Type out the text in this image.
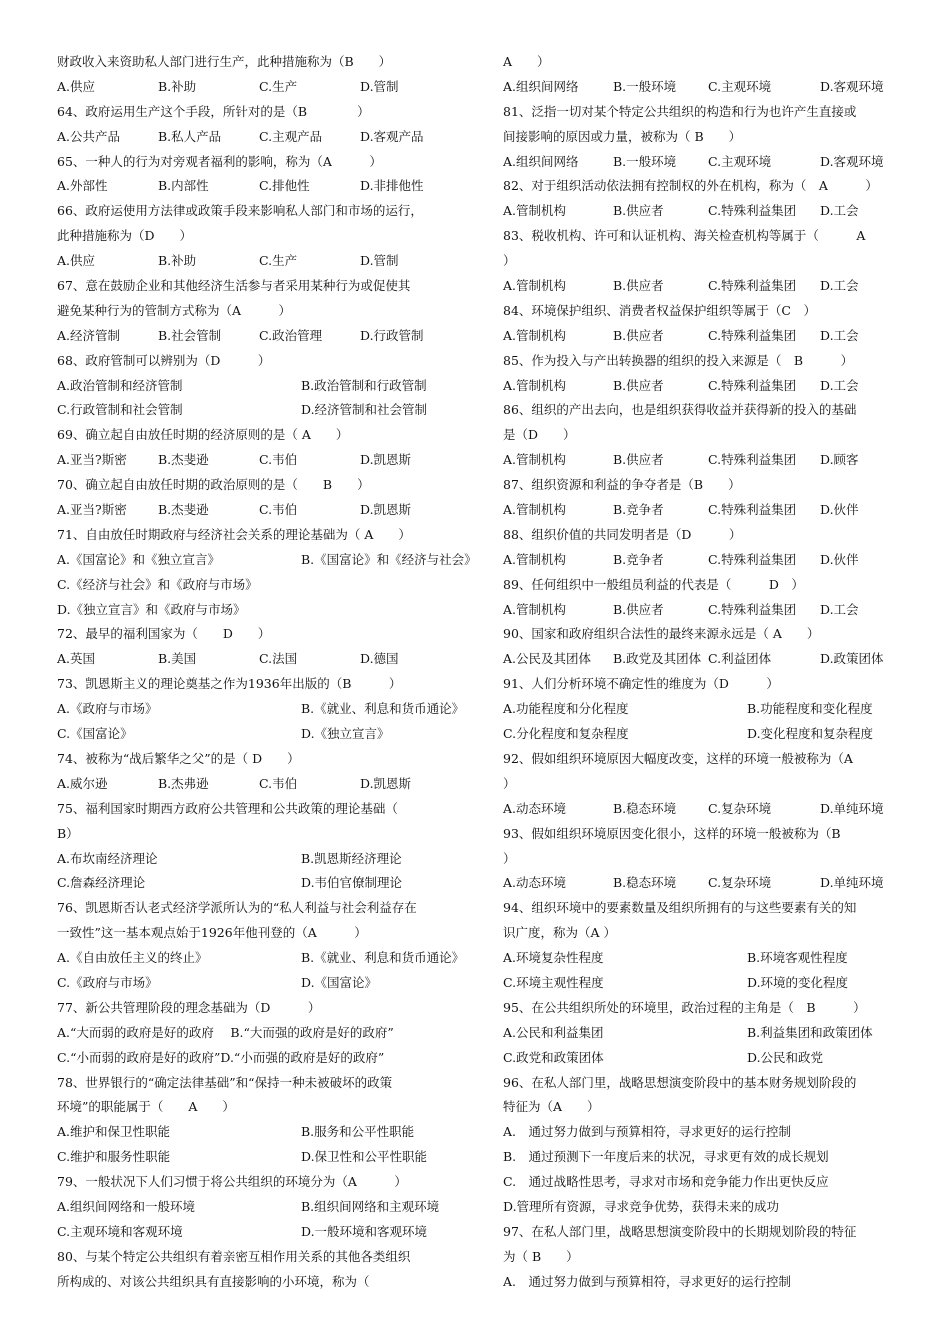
财政收入来资助私人部门进行生产，此种措施称为（B　　）
A.供应	B.补助	C.生产	D.管制
64、政府运用生产这个手段，所针对的是（B　　　　）
A.公共产品	B.私人产品	C.主观产品	D.客观产品
65、一种人的行为对旁观者福利的影响，称为（A　　　）
A.外部性	B.内部性	C.排他性	D.非排他性
66、政府运使用方法律或政策手段来影响私人部门和市场的运行，
此种措施称为（D　　）
A.供应	B.补助	C.生产	D.管制
67、意在鼓励企业和其他经济生活参与者采用某种行为或促使其
避免某种行为的管制方式称为（A　　　）
A.经济管制	B.社会管制	C.政治管理	D.行政管制
68、政府管制可以辨别为（D　　　）
A.政治管制和经济管制	B.政治管制和行政管制
C.行政管制和社会管制	D.经济管制和社会管制
69、确立起自由放任时期的经济原则的是（ A　　）
A.亚当?斯密	B.杰斐逊	C.韦伯	D.凯恩斯
70、确立起自由放任时期的政治原则的是（　　B　　）
A.亚当?斯密	B.杰斐逊	C.韦伯	D.凯恩斯
71、自由放任时期政府与经济社会关系的理论基础为（ A　　）
A.《国富论》和《独立宣言》	B.《国富论》和《经济与社会》
C.《经济与社会》和《政府与市场》
D.《独立宣言》和《政府与市场》
72、最早的福利国家为（　　D　　）
A.英国	B.美国	C.法国	D.德国
73、凯恩斯主义的理论奠基之作为1936年出版的（B　　　）
A.《政府与市场》	B.《就业、利息和货币通论》
C.《国富论》	D.《独立宣言》
74、被称为“战后繁华之父”的是（ D　　）
A.威尔逊	B.杰弗逊	C.韦伯	D.凯恩斯
75、福利国家时期西方政府公共管理和公共政策的理论基础（
B）
A.布坎南经济理论	B.凯恩斯经济理论
C.詹森经济理论	D.韦伯官僚制理论
76、凯恩斯否认老式经济学派所认为的“私人利益与社会利益存在
一致性”这一基本观点始于1926年他刊登的（A　　　）
A.《自由放任主义的终止》	B.《就业、利息和货币通论》
C.《政府与市场》	D.《国富论》
77、新公共管理阶段的理念基础为（D　　　）
A.“大而弱的政府是好的政府　 B.“大而强的政府是好的政府”
C.“小而弱的政府是好的政府”D.“小而强的政府是好的政府”
78、世界银行的“确定法律基础”和“保持一种未被破坏的政策
环境”的职能属于（　　A　　）
A.维护和保卫性职能	B.服务和公平性职能
C.维护和服务性职能	D.保卫性和公平性职能
79、一般状况下人们习惯于将公共组织的环境分为（A　　　）
A.组织间网络和一般环境	B.组织间网络和主观环境
C.主观环境和客观环境	D.一般环境和客观环境
80、与某个特定公共组织有着亲密互相作用关系的其他各类组织
所构成的、对该公共组织具有直接影响的小环境，称为（
A　　）
A.组织间网络	B.一般环境	C.主观环境	D.客观环境
81、泛指一切对某个特定公共组织的构造和行为也许产生直接或
间接影响的原因或力量，被称为（ B　　）
A.组织间网络	B.一般环境	C.主观环境	D.客观环境
82、对于组织活动依法拥有控制权的外在机构，称为（　A　　　）
A.管制机构	B.供应者	C.特殊利益集团	D.工会
83、税收机构、许可和认证机构、海关检查机构等属于（　　　A
）
A.管制机构	B.供应者	C.特殊利益集团	D.工会
84、环境保护组织、消费者权益保护组织等属于（C　）
A.管制机构	B.供应者	C.特殊利益集团	D.工会
85、作为投入与产出转换器的组织的投入来源是（　B　　　）
A.管制机构	B.供应者	C.特殊利益集团	D.工会
86、组织的产出去向，也是组织获得收益并获得新的投入的基础
是（D　　）
A.管制机构	B.供应者	C.特殊利益集团	D.顾客
87、组织资源和利益的争夺者是（B　　）
A.管制机构	B.竞争者	C.特殊利益集团	D.伙伴
88、组织价值的共同发明者是（D　　　）
A.管制机构	B.竞争者	C.特殊利益集团	D.伙伴
89、任何组织中一般组员利益的代表是（　　　D　）
A.管制机构	B.供应者	C.特殊利益集团	D.工会
90、国家和政府组织合法性的最终来源永远是（ A　　）
A.公民及其团体	B.政党及其团体 C.利益团体	D.政策团体
91、人们分析环境不确定性的维度为（D　　　）
A.功能程度和分化程度	B.功能程度和变化程度
C.分化程度和复杂程度	D.变化程度和复杂程度
92、假如组织环境原因大幅度改变，这样的环境一般被称为（A
）
A.动态环境	B.稳态环境	C.复杂环境	D.单纯环境
93、假如组织环境原因变化很小，这样的环境一般被称为（B
）
A.动态环境	B.稳态环境	C.复杂环境	D.单纯环境
94、组织环境中的要素数量及组织所拥有的与这些要素有关的知
识广度，称为（A ）
A.环境复杂性程度	B.环境客观性程度
C.环境主观性程度	D.环境的变化程度
95、在公共组织所处的环境里，政治过程的主角是（　B　　　）
A.公民和利益集团	B.利益集团和政策团体
C.政党和政策团体	D.公民和政党
96、在私人部门里，战略思想演变阶段中的基本财务规划阶段的
特征为（A　　）
A.　通过努力做到与预算相符，寻求更好的运行控制
B.　通过预测下一年度后来的状况，寻求更有效的成长规划
C.　通过战略性思考，寻求对市场和竞争能力作出更快反应
D.管理所有资源，寻求竞争优势，获得未来的成功
97、在私人部门里，战略思想演变阶段中的长期规划阶段的特征
为（ B　　）
A.　通过努力做到与预算相符，寻求更好的运行控制
